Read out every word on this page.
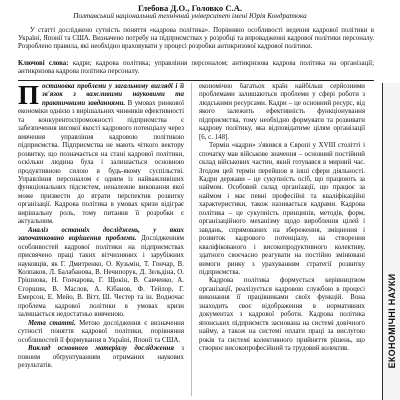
Глебова Д.О., Головко С.А.
Полтавський національний технічний університет імені Юрія Кондратюка
У статті досліджено сутність поняття «кадрова політика». Порівняно особливості ведення кадрової політики в Україні, Японії та США. Визначено потребу на підприємствах у розробці та впровадженні кадрової політики персоналу. Розроблено правила, які необхідно враховувати у процесі розробки антикризової кадрової політики.
Ключові слова: кадри; кадрова політика; управління персоналом; антикризова кадрова політика на організації; антикризова кадрова політика персоналу.

Постановка проблеми у загальному вигляді і її зв'язок з важливими науковими та практичними завданнями. В умовах ринкової економіки однією з вирішальних чинників ефективності та конкурентоспроможності підприємства є забезпечення високої якості кадрового потенціалу через вивчення управління кадровою політикою підприємства. Підприємства не мають чіткого вектору розвитку, що позначається на стані кадрової політики, оскільки людина була і залишається основною продуктивною силою в будь-якому суспільстві. Управління персоналом є одним із найважливіших функціональних підсистем, неналежне виконання якої може призвести до втрати перспектив розвитку організації. Кадрова політика в умовах кризи відіграє вирішальну роль, тому питання її розробки є актуальним.

Аналіз останніх досліджень, у яких започатковано вирішення проблеми. Дослідженням особливостей кадрової політики на підприємствах присвячено праці таких вітчизняних і зарубіжних науковців, як Г. Дмитренко, О. Кузьмін, Т. Гончар, В. Колпаков, Л. Балабанова, В. Нечипорук, Д. Зельдіна, О. Грішнова, Н. Гончарова, Г. Щокін, В. Савченко, А. Єгоршин, В. Маслов, А. Кібанов, Ф. Тейлор, Г. Емерсон, Е. Мейо, В. Вітт, Ш. Честер та ін. Водночас проблема кадрової політики в умовах кризи залишається недостатньо вивченою.

Мета статті. Метою дослідження є визначення сутності поняття кадрової політики, порівняння особливостей її формування в Україні, Японії та США.

Виклад основного матеріалу дослідження з повним обґрунтуванням отриманих наукових результатів.

економічно багатьох країн найбільш серйозними проблемами залишаються проблеми у сфері роботи з людськими ресурсами. Кадри – це основний ресурс, від якого залежить ефективність функціонування підприємства, тому необхідно формувати та розвивати кадрову політику, яка відповідатиме цілям організації [6, с. 148].

Термін «кадри» з'явився в Європі у XVIII столітті і спочатку мав військове значення – основний постійний склад військових частин, який готувався в мирний час. Згодом цей термін перейшов в інші сфери діяльності. Кадри держави – це сукупність осіб, що працюють за наймом. Особовий склад організації, що працює за наймом і має певні професійні та кваліфікаційні характеристики, також називається кадрами. Кадрова політика – це сукупність принципів, методів, форм, організаційного механізму щодо вироблення цілей і завдань, спрямованих на збереження, зміцнення і розвиток кадрового потенціалу, на створення кваліфікованого і високопродуктивного колективу, здатного своєчасно реагувати на постійно змінювані вимоги ринку з урахуванням стратегії розвитку підприємства.

Кадрова політика формується керівництвом організації, реалізується кадровою службою в процесі виконання її працівниками своїх функцій. Вона знаходить своє відображення в нормативних документах з кадрової роботи. Кадрова політика японських підприємств заснована на системі довічного найму, а також на системі оплати праці за вислугою років та системі колективного прийняття рішень, що створює високопрофесійний та трудовий колектив.	ЕКОНОМІЧНІ НАУКИ
